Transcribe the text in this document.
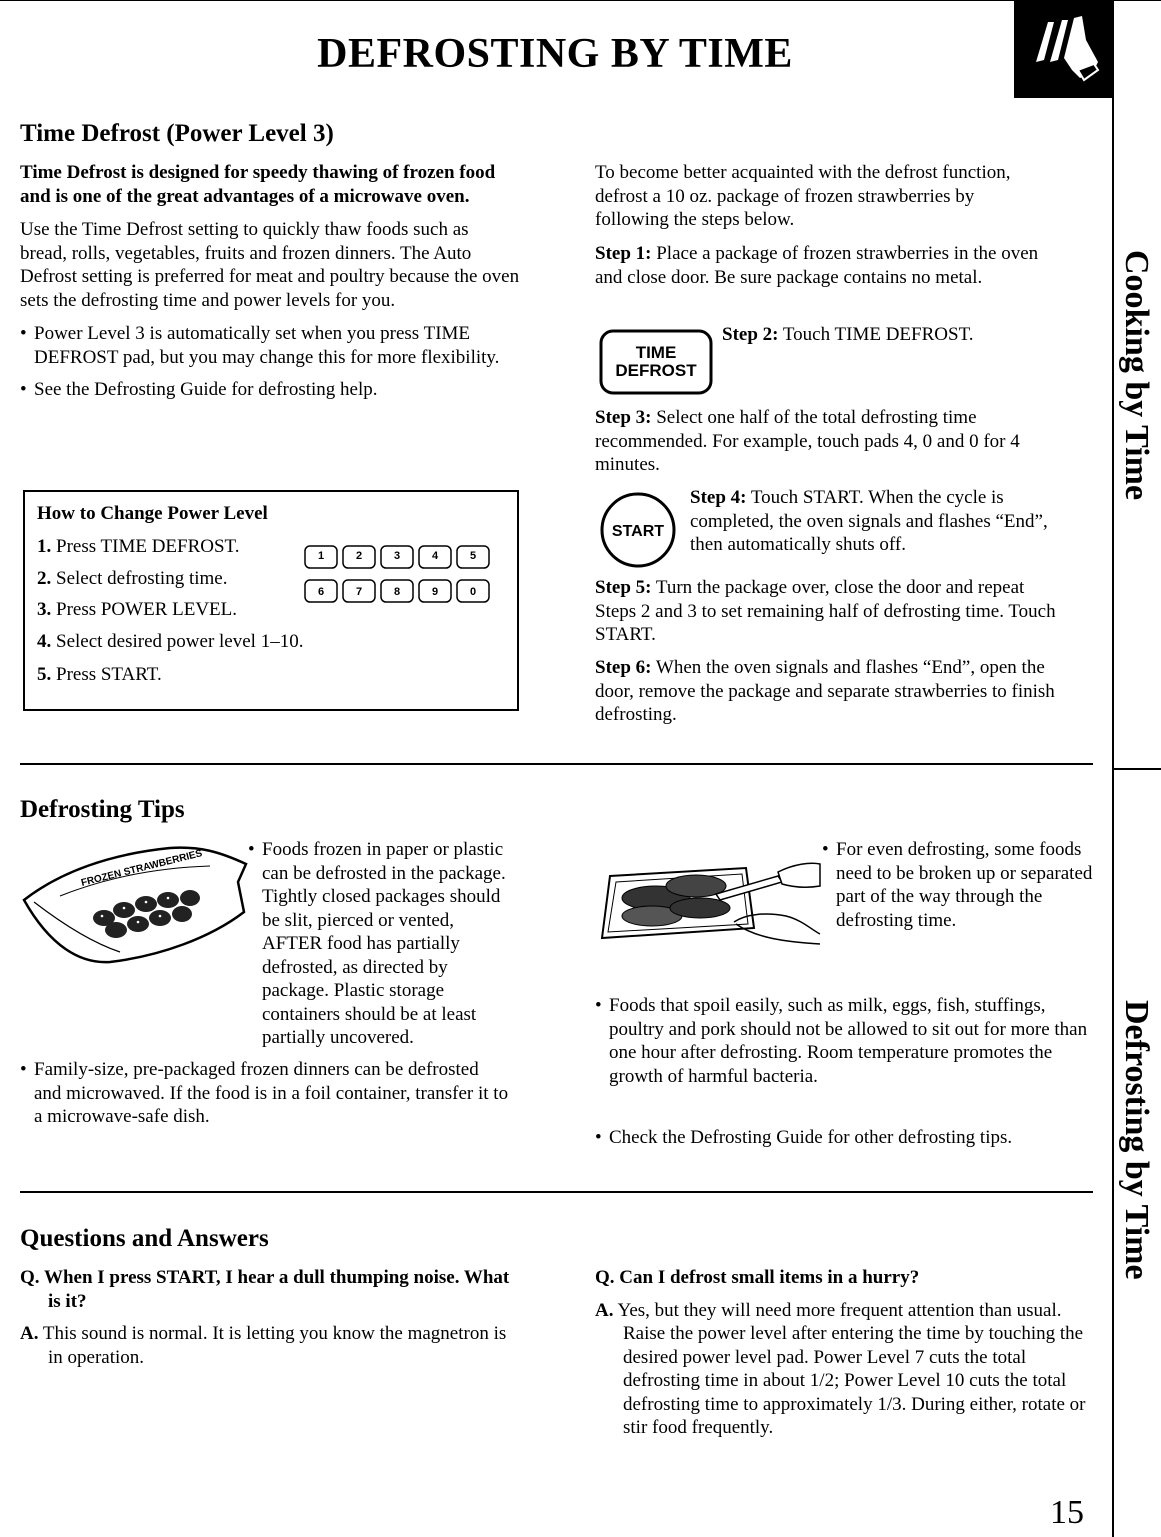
Cooking by Time
Defrosting by Time
DEFROSTING BY TIME
Time Defrost (Power Level 3)
Time Defrost is designed for speedy thawing of frozen food and is one of the great advantages of a microwave oven.
Use the Time Defrost setting to quickly thaw foods such as bread, rolls, vegetables, fruits and frozen dinners. The Auto Defrost setting is preferred for meat and poultry because the oven sets the defrosting time and power levels for you.
• Power Level 3 is automatically set when you press TIME DEFROST pad, but you may change this for more flexibility.
• See the Defrosting Guide for defrosting help.
How to Change Power Level
1. Press TIME DEFROST.
2. Select defrosting time.
3. Press POWER LEVEL.
4. Select desired power level 1–10.
5. Press START.
1	2	3	4	5
6	7	8	9	0
To become better acquainted with the defrost function, defrost a 10 oz. package of frozen strawberries by following the steps below.
Step 1: Place a package of frozen strawberries in the oven and close door. Be sure package contains no metal.
TIME
DEFROST
Step 2: Touch TIME DEFROST.
Step 3: Select one half of the total defrosting time recommended. For example, touch pads 4, 0 and 0 for 4 minutes.
START
Step 4: Touch START. When the cycle is completed, the oven signals and flashes “End”, then automatically shuts off.
Step 5: Turn the package over, close the door and repeat Steps 2 and 3 to set remaining half of defrosting time. Touch START.
Step 6: When the oven signals and flashes “End”, open the door, remove the package and separate strawberries to finish defrosting.
Defrosting Tips
FROZEN STRAWBERRIES • Foods frozen in paper or plastic can be defrosted in the package. Tightly closed packages should be slit, pierced or vented, AFTER food has partially defrosted, as directed by package. Plastic storage containers should be at least partially uncovered.
• Family-size, pre-packaged frozen dinners can be defrosted and microwaved. If the food is in a foil container, transfer it to a microwave-safe dish.
• For even defrosting, some foods need to be broken up or separated part of the way through the defrosting time.
• Foods that spoil easily, such as milk, eggs, fish, stuffings, poultry and pork should not be allowed to sit out for more than one hour after defrosting. Room temperature promotes the growth of harmful bacteria.
• Check the Defrosting Guide for other defrosting tips.
Questions and Answers
Q. When I press START, I hear a dull thumping noise. What is it?
A. This sound is normal. It is letting you know the magnetron is in operation.
Q. Can I defrost small items in a hurry?
A. Yes, but they will need more frequent attention than usual. Raise the power level after entering the time by touching the desired power level pad. Power Level 7 cuts the total defrosting time in about 1/2; Power Level 10 cuts the total defrosting time to approximately 1/3. During either, rotate or stir food frequently.
15
